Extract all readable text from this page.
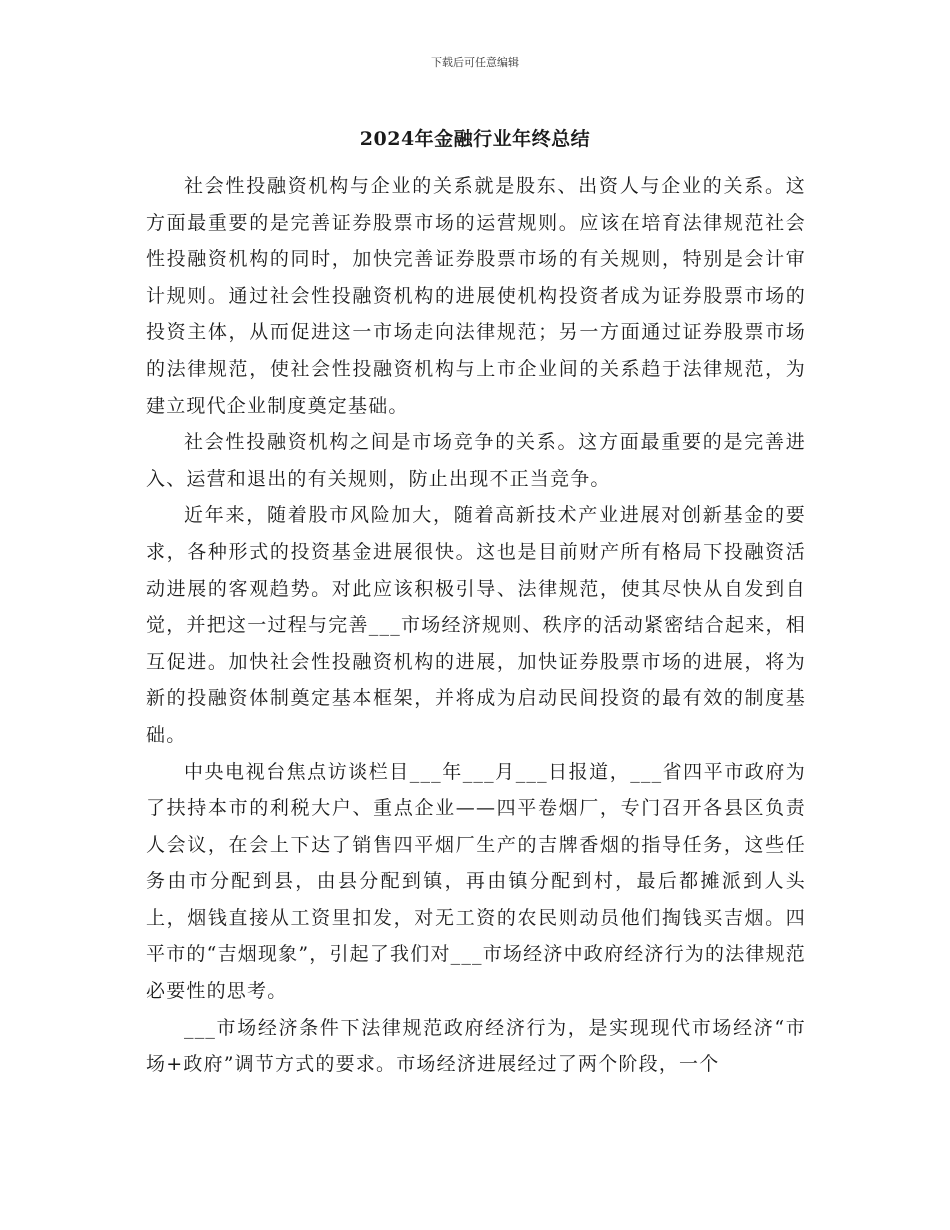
下载后可任意编辑
2024年金融行业年终总结

社会性投融资机构与企业的关系就是股东、出资人与企业的关系。这方面最重要的是完善证券股票市场的运营规则。应该在培育法律规范社会性投融资机构的同时，加快完善证券股票市场的有关规则，特别是会计审计规则。通过社会性投融资机构的进展使机构投资者成为证券股票市场的投资主体，从而促进这一市场走向法律规范；另一方面通过证券股票市场的法律规范，使社会性投融资机构与上市企业间的关系趋于法律规范，为建立现代企业制度奠定基础。

社会性投融资机构之间是市场竞争的关系。这方面最重要的是完善进入、运营和退出的有关规则，防止出现不正当竞争。

近年来，随着股市风险加大，随着高新技术产业进展对创新基金的要求，各种形式的投资基金进展很快。这也是目前财产所有格局下投融资活动进展的客观趋势。对此应该积极引导、法律规范，使其尽快从自发到自觉，并把这一过程与完善___市场经济规则、秩序的活动紧密结合起来，相互促进。加快社会性投融资机构的进展，加快证券股票市场的进展，将为新的投融资体制奠定基本框架，并将成为启动民间投资的最有效的制度基础。

中央电视台焦点访谈栏目___年___月___日报道，___省四平市政府为了扶持本市的利税大户、重点企业——四平卷烟厂，专门召开各县区负责人会议，在会上下达了销售四平烟厂生产的吉牌香烟的指导任务，这些任务由市分配到县，由县分配到镇，再由镇分配到村，最后都摊派到人头上，烟钱直接从工资里扣发，对无工资的农民则动员他们掏钱买吉烟。四平市的“吉烟现象”，引起了我们对___市场经济中政府经济行为的法律规范必要性的思考。

___市场经济条件下法律规范政府经济行为，是实现现代市场经济“市场+政府”调节方式的要求。市场经济进展经过了两个阶段，一个
